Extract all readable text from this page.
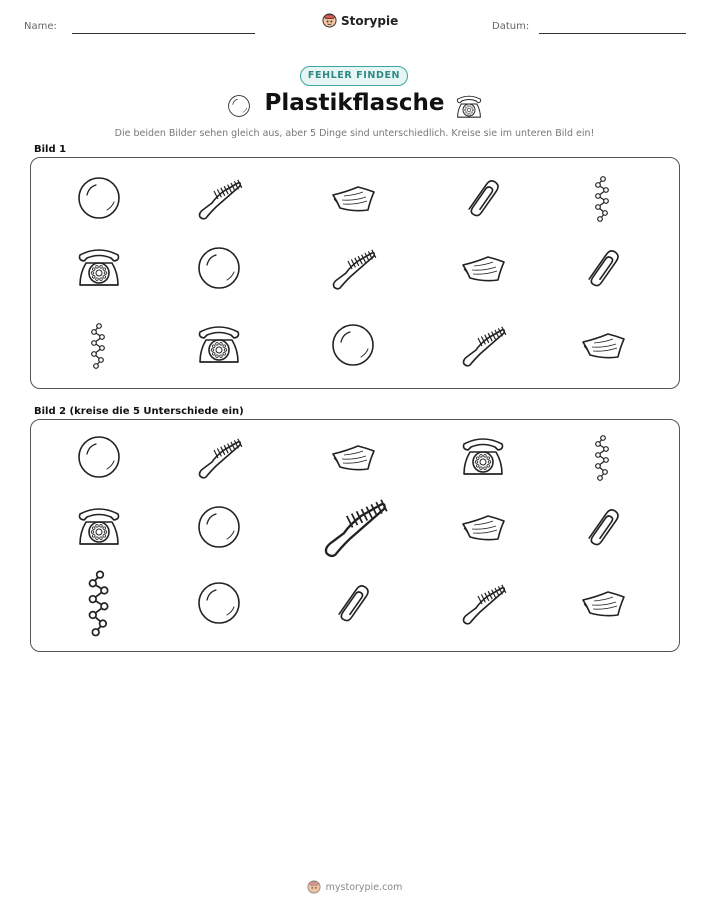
Name:	Storypie	Datum:
FEHLER FINDEN
Plastikflasche
Die beiden Bilder sehen gleich aus, aber 5 Dinge sind unterschiedlich. Kreise sie im unteren Bild ein!
Bild 1
Bild 2 (kreise die 5 Unterschiede ein)
mystorypie.com
